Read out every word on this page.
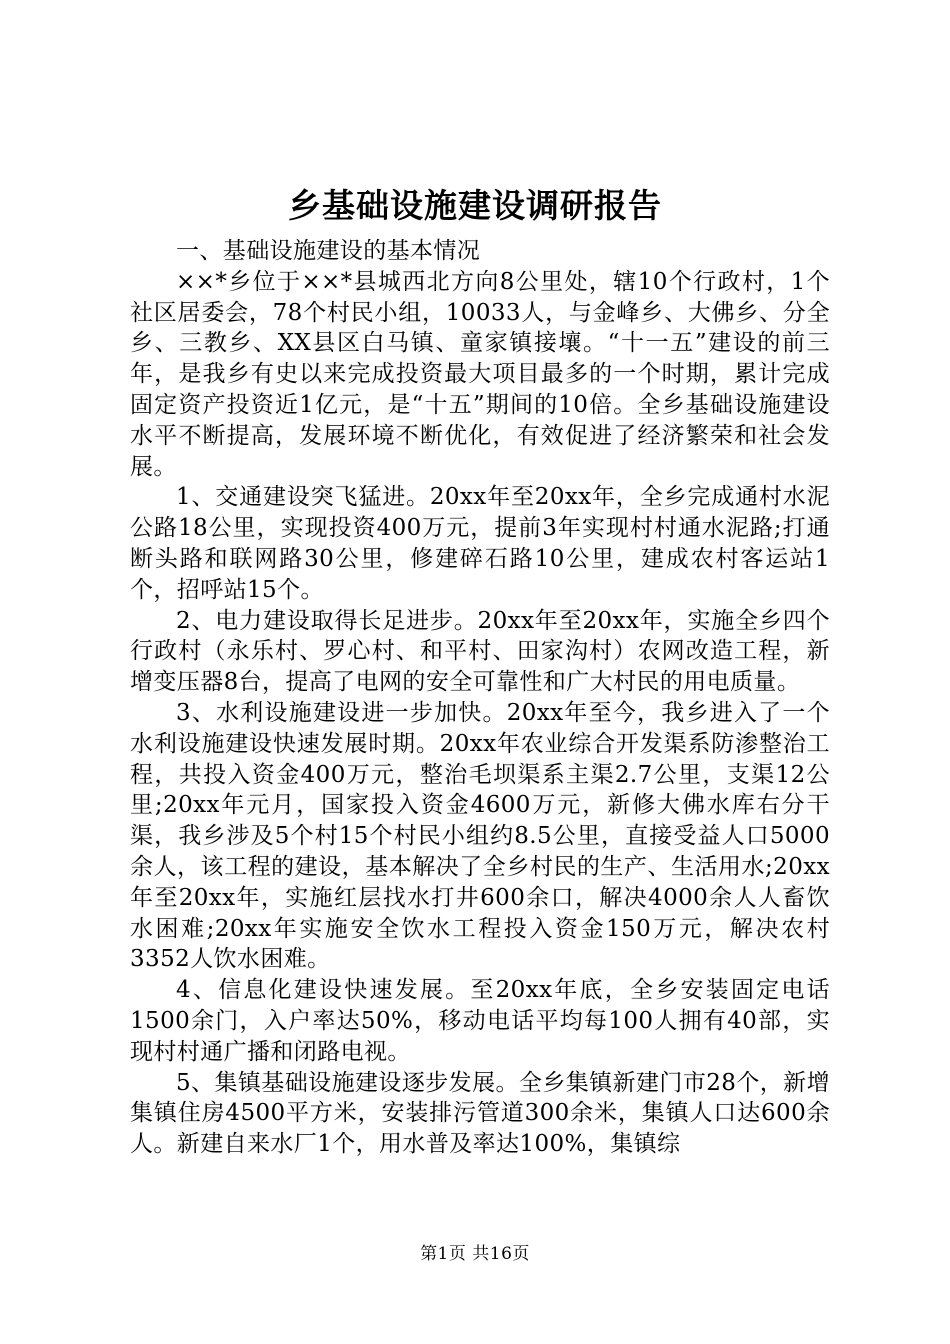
乡基础设施建设调研报告

一、基础设施建设的基本情况

××*乡位于××*县城西北方向8公里处，辖10个行政村，1个社区居委会，78个村民小组，10033人，与金峰乡、大佛乡、分全乡、三教乡、XX县区白马镇、童家镇接壤。“十一五”建设的前三年，是我乡有史以来完成投资最大项目最多的一个时期，累计完成固定资产投资近1亿元，是“十五”期间的10倍。全乡基础设施建设水平不断提高，发展环境不断优化，有效促进了经济繁荣和社会发展。

1、交通建设突飞猛进。20xx年至20xx年，全乡完成通村水泥公路18公里，实现投资400万元，提前3年实现村村通水泥路;打通断头路和联网路30公里，修建碎石路10公里，建成农村客运站1个，招呼站15个。

2、电力建设取得长足进步。20xx年至20xx年，实施全乡四个行政村（永乐村、罗心村、和平村、田家沟村）农网改造工程，新增变压器8台，提高了电网的安全可靠性和广大村民的用电质量。

3、水利设施建设进一步加快。20xx年至今，我乡进入了一个水利设施建设快速发展时期。20xx年农业综合开发渠系防渗整治工程，共投入资金400万元，整治毛坝渠系主渠2.7公里，支渠12公里;20xx年元月，国家投入资金4600万元，新修大佛水库右分干渠，我乡涉及5个村15个村民小组约8.5公里，直接受益人口5000余人，该工程的建设，基本解决了全乡村民的生产、生活用水;20xx年至20xx年，实施红层找水打井600余口，解决4000余人人畜饮水困难;20xx年实施安全饮水工程投入资金150万元，解决农村3352人饮水困难。

4、信息化建设快速发展。至20xx年底，全乡安装固定电话1500余门，入户率达50%，移动电话平均每100人拥有40部，实现村村通广播和闭路电视。

5、集镇基础设施建设逐步发展。全乡集镇新建门市28个，新增集镇住房4500平方米，安装排污管道300余米，集镇人口达600余人。新建自来水厂1个，用水普及率达100%，集镇综

第1页 共16页
